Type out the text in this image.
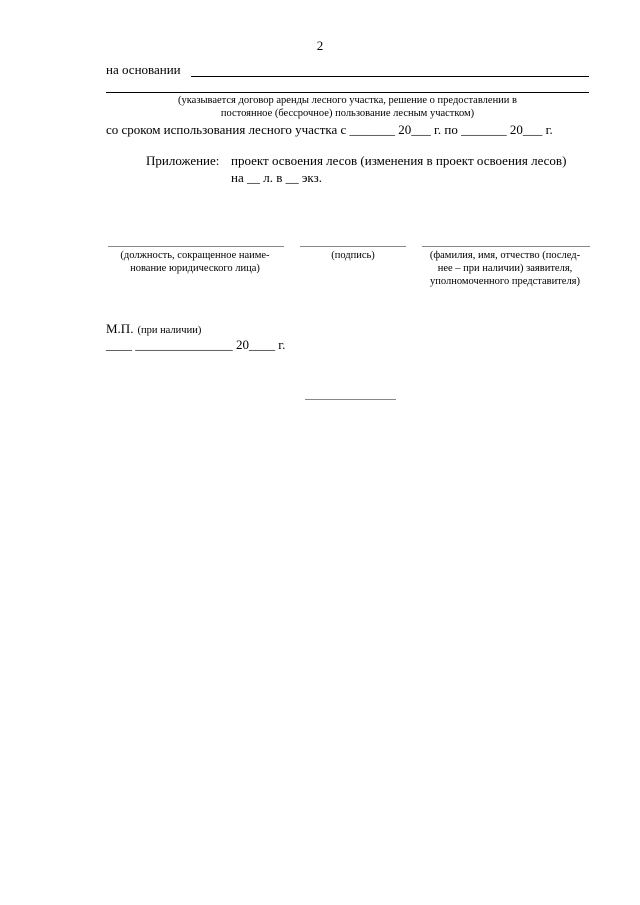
2
на основании
(указывается договор аренды лесного участка, решение о предоставлении в
постоянное (бессрочное) пользование лесным участком)
со сроком использования лесного участка с _______ 20___ г. по _______ 20___ г.
Приложение: проект освоения лесов (изменения в проект освоения лесов)
на __ л. в __ экз.
(должность, сокращенное наиме-
нование юридического лица)
(подпись)	(фамилия, имя, отчество (послед-
нее – при наличии) заявителя,
уполномоченного представителя)
М.П. (при наличии)
____ _______________ 20____ г.
